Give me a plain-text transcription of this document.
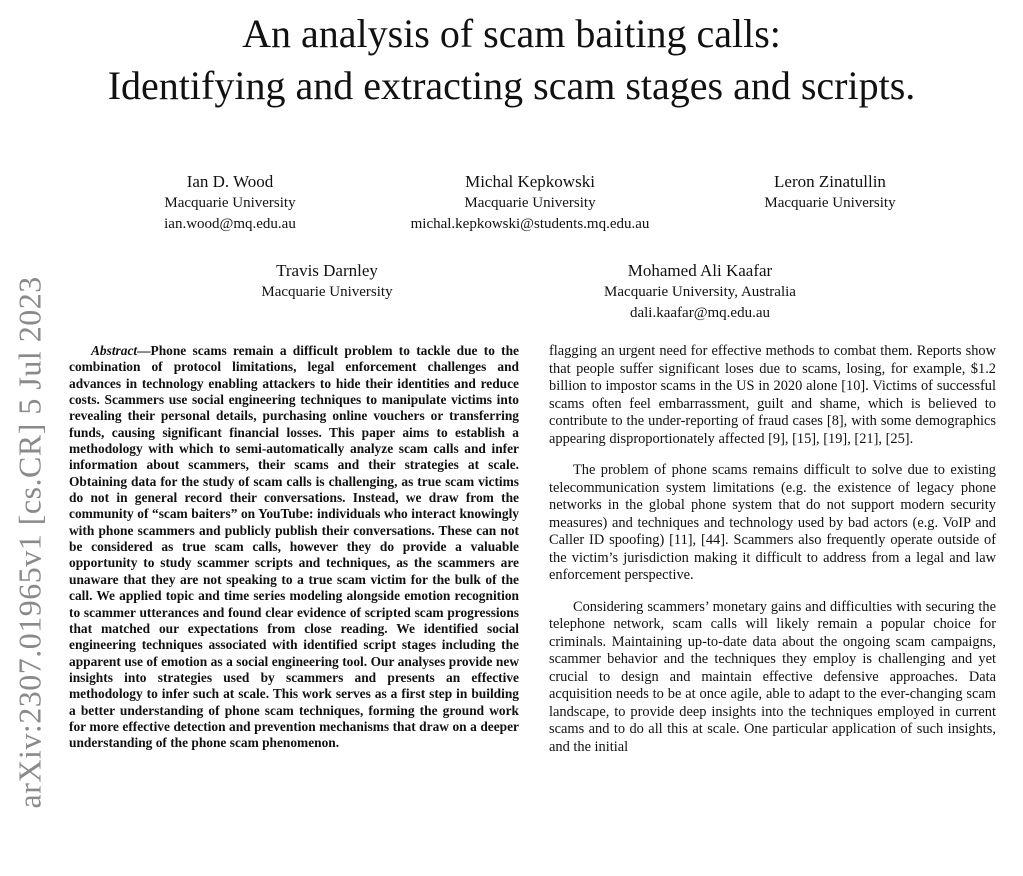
An analysis of scam baiting calls:
Identifying and extracting scam stages and scripts.
Ian D. Wood
Macquarie University
ian.wood@mq.edu.au
Michal Kepkowski
Macquarie University
michal.kepkowski@students.mq.edu.au
Leron Zinatullin
Macquarie University
Travis Darnley
Macquarie University
Mohamed Ali Kaafar
Macquarie University, Australia
dali.kaafar@mq.edu.au
arXiv:2307.01965v1 [cs.CR] 5 Jul 2023	Abstract—Phone scams remain a difficult problem to tackle due to the combination of protocol limitations, legal enforcement challenges and advances in technology enabling attackers to hide their identities and reduce costs. Scammers use social engineering techniques to manipulate victims into revealing their personal details, purchasing online vouchers or transferring funds, causing significant financial losses. This paper aims to establish a methodology with which to semi-automatically analyze scam calls and infer information about scammers, their scams and their strategies at scale. Obtaining data for the study of scam calls is challenging, as true scam victims do not in general record their conversations. Instead, we draw from the community of “scam baiters” on YouTube: individuals who interact knowingly with phone scammers and publicly publish their conversations. These can not be considered as true scam calls, however they do provide a valuable opportunity to study scammer scripts and techniques, as the scammers are unaware that they are not speaking to a true scam victim for the bulk of the call. We applied topic and time series modeling alongside emotion recognition to scammer utterances and found clear evidence of scripted scam progressions that matched our expectations from close reading. We identified social engineering techniques associated with identified script stages including the apparent use of emotion as a social engineering tool. Our analyses provide new insights into strategies used by scammers and presents an effective methodology to infer such at scale. This work serves as a first step in building a better understanding of phone scam techniques, forming the ground work for more effective detection and prevention mechanisms that draw on a deeper understanding of the phone scam phenomenon.

flagging an urgent need for effective methods to combat them. Reports show that people suffer significant loses due to scams, losing, for example, $1.2 billion to impostor scams in the US in 2020 alone [10]. Victims of successful scams often feel embarrassment, guilt and shame, which is believed to contribute to the under-reporting of fraud cases [8], with some demographics appearing disproportionately affected [9], [15], [19], [21], [25].

The problem of phone scams remains difficult to solve due to existing telecommunication system limitations (e.g. the existence of legacy phone networks in the global phone system that do not support modern security measures) and techniques and technology used by bad actors (e.g. VoIP and Caller ID spoofing) [11], [44]. Scammers also frequently operate outside of the victim’s jurisdiction making it difficult to address from a legal and law enforcement perspective.

Considering scammers’ monetary gains and difficulties with securing the telephone network, scam calls will likely remain a popular choice for criminals. Maintaining up-to-date data about the ongoing scam campaigns, scammer behavior and the techniques they employ is challenging and yet crucial to design and maintain effective defensive approaches. Data acquisition needs to be at once agile, able to adapt to the ever-changing scam landscape, to provide deep insights into the techniques employed in current scams and to do all this at scale. One particular application of such insights, and the initial
